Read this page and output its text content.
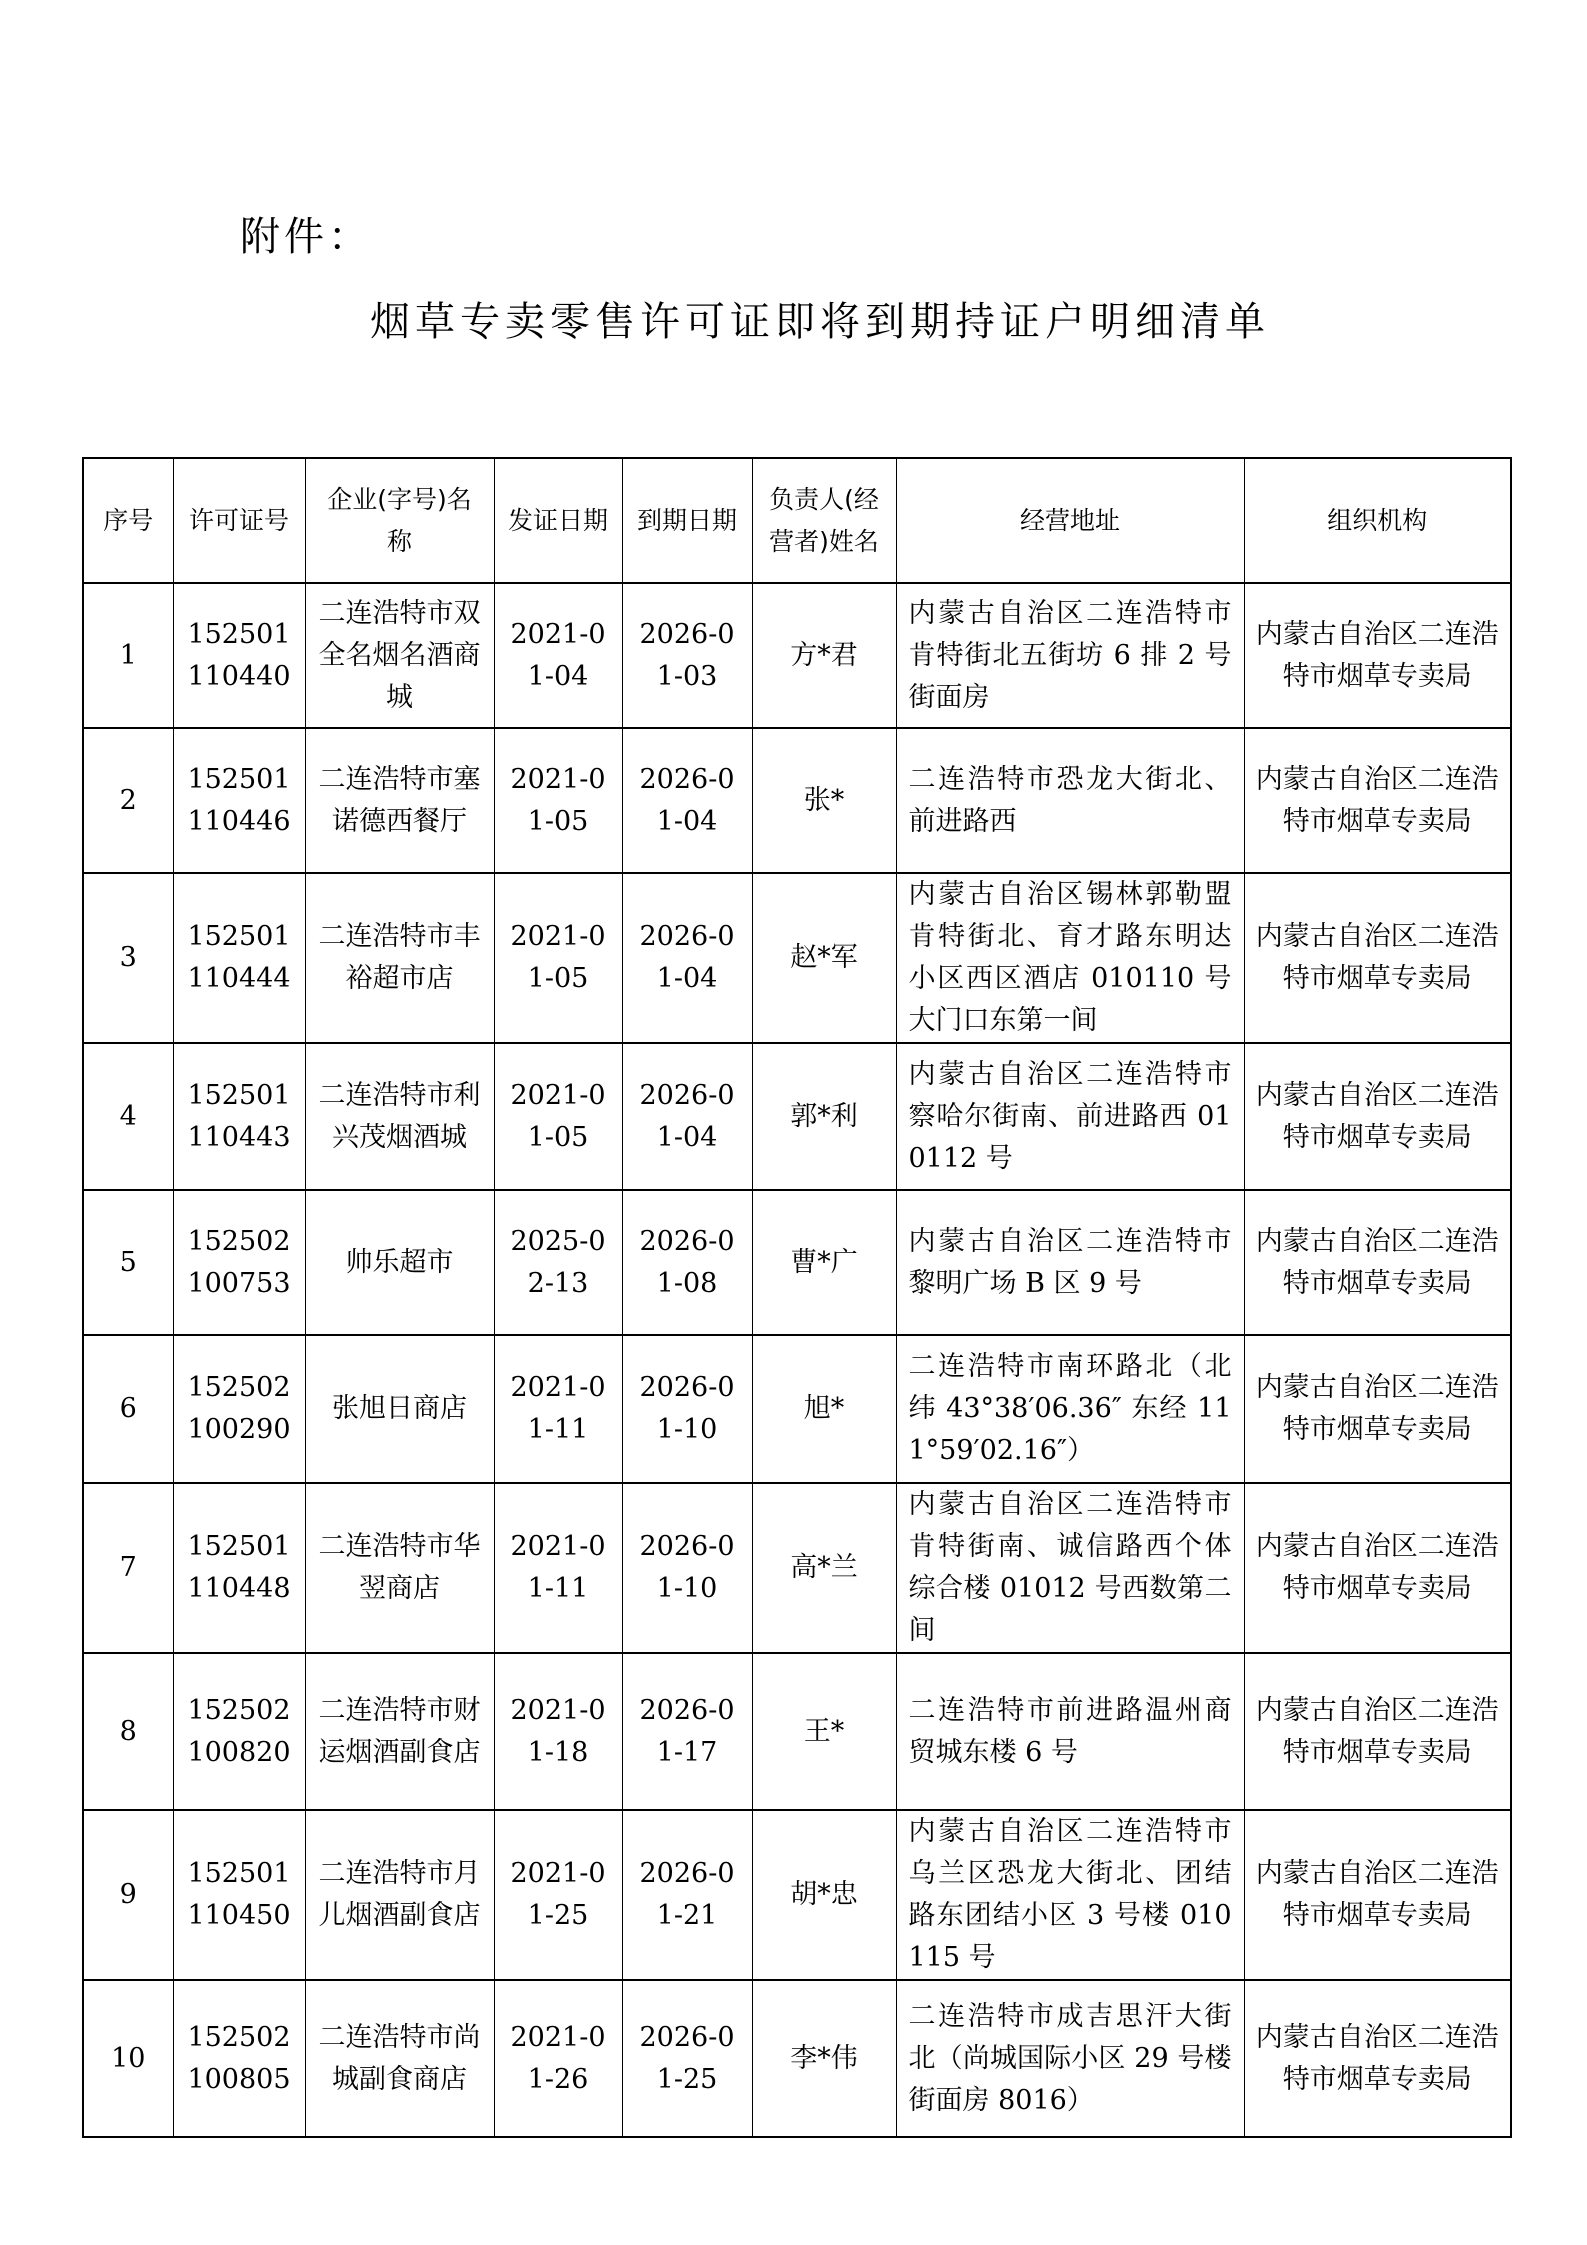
附件：
烟草专卖零售许可证即将到期持证户明细清单
序号	许可证号	企业(字号)名称	发证日期	到期日期	负责人(经营者)姓名	经营地址	组织机构
1	152501110440	二连浩特市双全名烟名酒商城	2021-01-04	2026-01-03	方*君	内蒙古自治区二连浩特市肯特街北五街坊 6 排 2 号街面房	内蒙古自治区二连浩特市烟草专卖局
2	152501110446	二连浩特市塞诺德西餐厅	2021-01-05	2026-01-04	张*	二连浩特市恐龙大街北、前进路西	内蒙古自治区二连浩特市烟草专卖局
3	152501110444	二连浩特市丰裕超市店	2021-01-05	2026-01-04	赵*军	内蒙古自治区锡林郭勒盟肯特街北、育才路东明达小区西区酒店 010110 号大门口东第一间	内蒙古自治区二连浩特市烟草专卖局
4	152501110443	二连浩特市利兴茂烟酒城	2021-01-05	2026-01-04	郭*利	内蒙古自治区二连浩特市察哈尔街南、前进路西 010112 号	内蒙古自治区二连浩特市烟草专卖局
5	152502100753	帅乐超市	2025-02-13	2026-01-08	曹*广	内蒙古自治区二连浩特市黎明广场 B 区 9 号	内蒙古自治区二连浩特市烟草专卖局
6	152502100290	张旭日商店	2021-01-11	2026-01-10	旭*	二连浩特市南环路北（北纬 43°38′06.36″ 东经 111°59′02.16″）	内蒙古自治区二连浩特市烟草专卖局
7	152501110448	二连浩特市华翌商店	2021-01-11	2026-01-10	高*兰	内蒙古自治区二连浩特市肯特街南、诚信路西个体综合楼 01012 号西数第二间	内蒙古自治区二连浩特市烟草专卖局
8	152502100820	二连浩特市财运烟酒副食店	2021-01-18	2026-01-17	王*	二连浩特市前进路温州商贸城东楼 6 号	内蒙古自治区二连浩特市烟草专卖局
9	152501110450	二连浩特市月儿烟酒副食店	2021-01-25	2026-01-21	胡*忠	内蒙古自治区二连浩特市乌兰区恐龙大街北、团结路东团结小区 3 号楼 010115 号	内蒙古自治区二连浩特市烟草专卖局
10	152502100805	二连浩特市尚城副食商店	2021-01-26	2026-01-25	李*伟	二连浩特市成吉思汗大街北（尚城国际小区 29 号楼街面房 8016）	内蒙古自治区二连浩特市烟草专卖局
